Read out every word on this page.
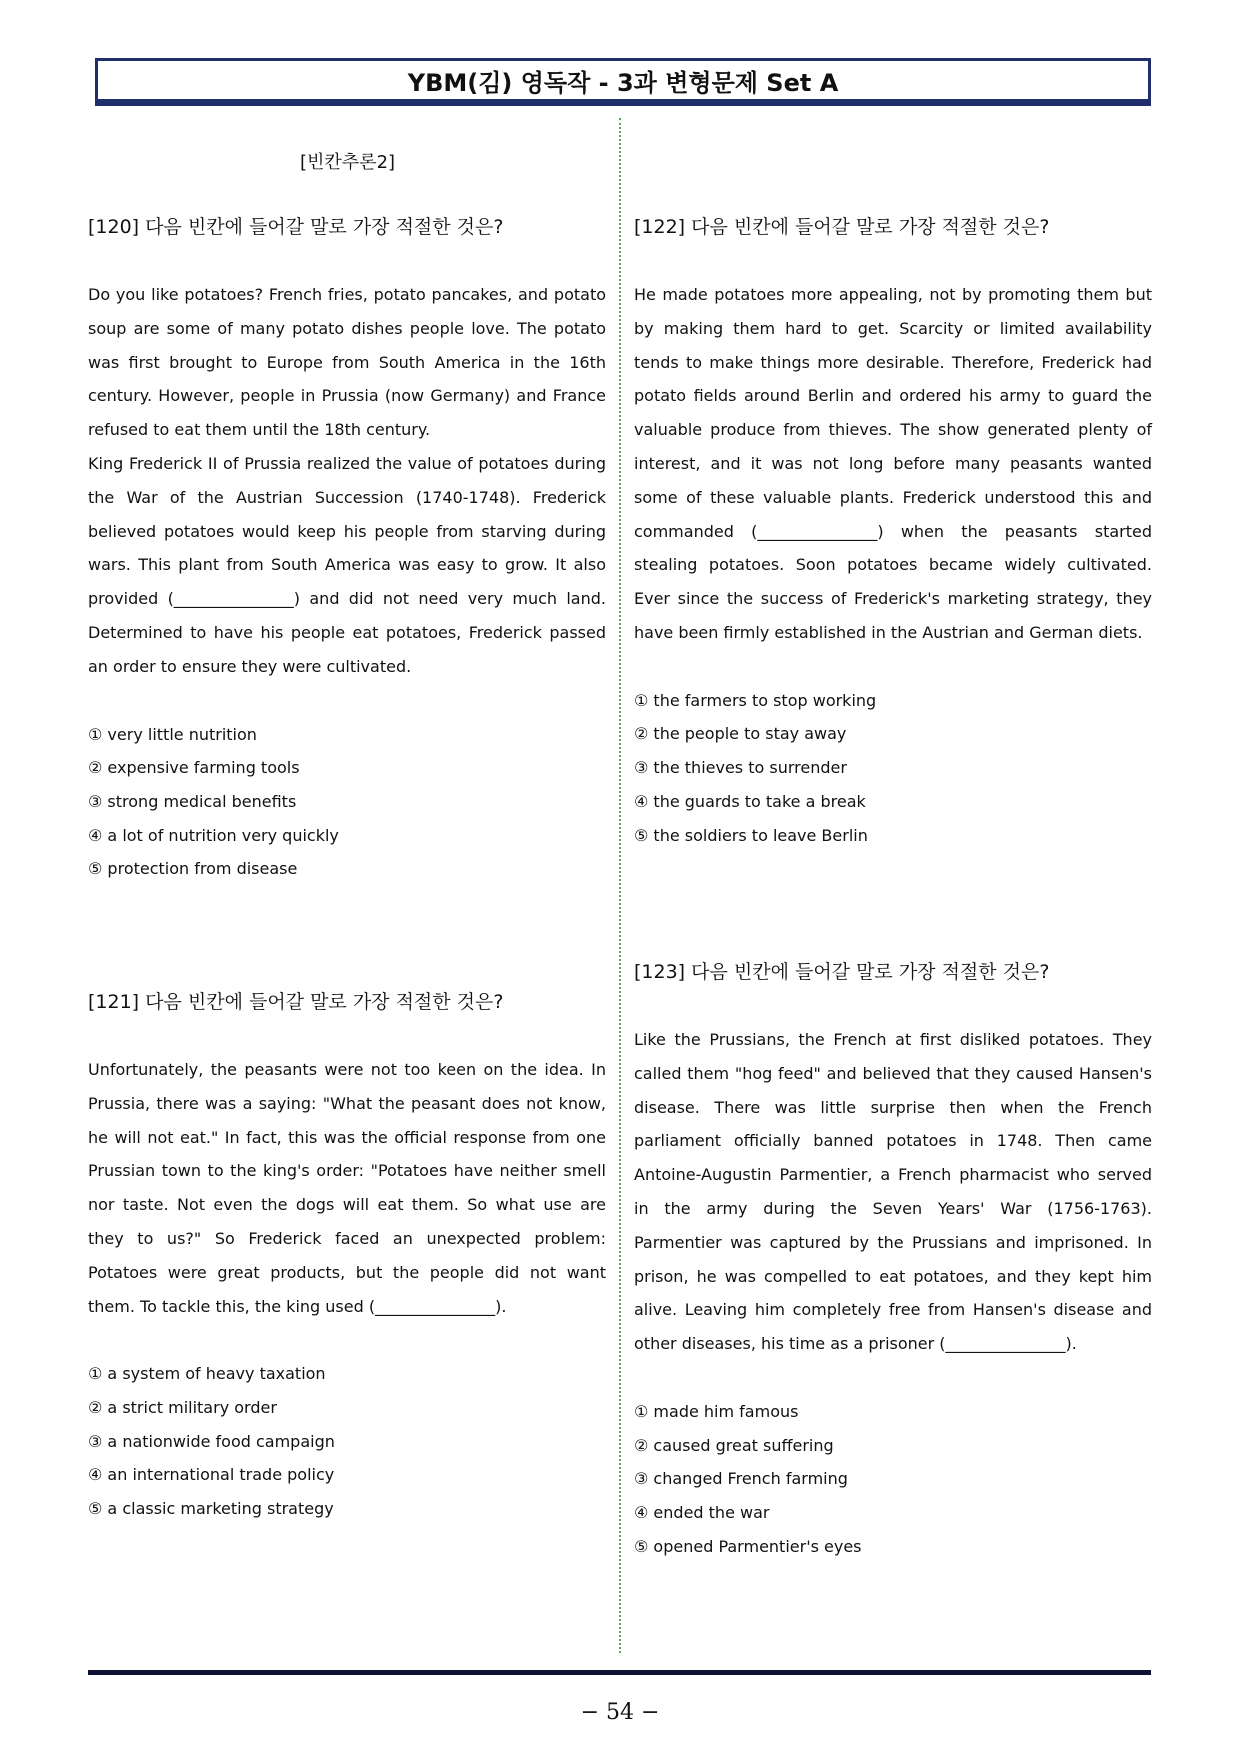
YBM(김) 영독작 - 3과 변형문제 Set A
[빈칸추론2]

[120] 다음 빈칸에 들어갈 말로 가장 적절한 것은?

Do you like potatoes? French fries, potato pancakes, and potato soup are some of many potato dishes people love. The potato was first brought to Europe from South America in the 16th century. However, people in Prussia (now Germany) and France refused to eat them until the 18th century.

King Frederick II of Prussia realized the value of potatoes during the War of the Austrian Succession (1740-1748). Frederick believed potatoes would keep his people from starving during wars. This plant from South America was easy to grow. It also provided (_______________) and did not need very much land. Determined to have his people eat potatoes, Frederick passed an order to ensure they were cultivated.

① very little nutrition
② expensive farming tools
③ strong medical benefits
④ a lot of nutrition very quickly
⑤ protection from disease

[121] 다음 빈칸에 들어갈 말로 가장 적절한 것은?

Unfortunately, the peasants were not too keen on the idea. In Prussia, there was a saying: "What the peasant does not know, he will not eat." In fact, this was the official response from one Prussian town to the king's order: "Potatoes have neither smell nor taste. Not even the dogs will eat them. So what use are they to us?" So Frederick faced an unexpected problem: Potatoes were great products, but the people did not want them. To tackle this, the king used (_______________).

① a system of heavy taxation
② a strict military order
③ a nationwide food campaign
④ an international trade policy
⑤ a classic marketing strategy

[122] 다음 빈칸에 들어갈 말로 가장 적절한 것은?

He made potatoes more appealing, not by promoting them but by making them hard to get. Scarcity or limited availability tends to make things more desirable. Therefore, Frederick had potato fields around Berlin and ordered his army to guard the valuable produce from thieves. The show generated plenty of interest, and it was not long before many peasants wanted some of these valuable plants. Frederick understood this and commanded (_______________) when the peasants started stealing potatoes. Soon potatoes became widely cultivated. Ever since the success of Frederick's marketing strategy, they have been firmly established in the Austrian and German diets.

① the farmers to stop working
② the people to stay away
③ the thieves to surrender
④ the guards to take a break
⑤ the soldiers to leave Berlin

[123] 다음 빈칸에 들어갈 말로 가장 적절한 것은?

Like the Prussians, the French at first disliked potatoes. They called them "hog feed" and believed that they caused Hansen's disease. There was little surprise then when the French parliament officially banned potatoes in 1748. Then came Antoine-Augustin Parmentier, a French pharmacist who served in the army during the Seven Years' War (1756-1763). Parmentier was captured by the Prussians and imprisoned. In prison, he was compelled to eat potatoes, and they kept him alive. Leaving him completely free from Hansen's disease and other diseases, his time as a prisoner (_______________).

① made him famous
② caused great suffering
③ changed French farming
④ ended the war
⑤ opened Parmentier's eyes
− 54 −
